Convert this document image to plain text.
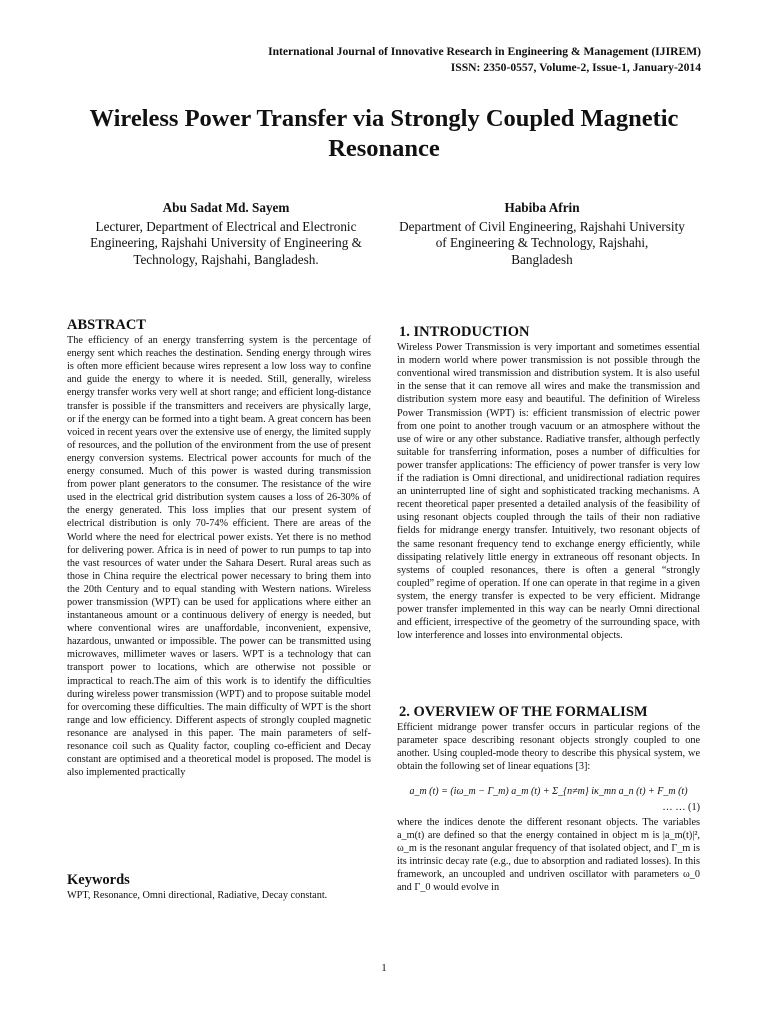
International Journal of Innovative Research in Engineering & Management (IJIREM)
ISSN: 2350-0557, Volume-2, Issue-1, January-2014
Wireless Power Transfer via Strongly Coupled Magnetic Resonance
Abu Sadat Md. Sayem
Lecturer, Department of Electrical and Electronic
Engineering, Rajshahi University of Engineering &
Technology, Rajshahi, Bangladesh.
Habiba Afrin
Department of Civil Engineering, Rajshahi University
of Engineering & Technology, Rajshahi,
Bangladesh
ABSTRACT

The efficiency of an energy transferring system is the percentage of energy sent which reaches the destination. Sending energy through wires is often more efficient because wires represent a low loss way to confine and guide the energy to where it is needed. Still, generally, wireless energy transfer works very well at short range; and efficient long-distance transfer is possible if the transmitters and receivers are physically large, or if the energy can be formed into a tight beam. A great concern has been voiced in recent years over the extensive use of energy, the limited supply of resources, and the pollution of the environment from the use of present energy conversion systems. Electrical power accounts for much of the energy consumed. Much of this power is wasted during transmission from power plant generators to the consumer. The resistance of the wire used in the electrical grid distribution system causes a loss of 26-30% of the energy generated. This loss implies that our present system of electrical distribution is only 70-74% efficient. There are areas of the World where the need for electrical power exists. Yet there is no method for delivering power. Africa is in need of power to run pumps to tap into the vast resources of water under the Sahara Desert. Rural areas such as those in China require the electrical power necessary to bring them into the 20th Century and to equal standing with Western nations. Wireless power transmission (WPT) can be used for applications where either an instantaneous amount or a continuous delivery of energy is needed, but where conventional wires are unaffordable, inconvenient, expensive, hazardous, unwanted or impossible. The power can be transmitted using microwaves, millimeter waves or lasers. WPT is a technology that can transport power to locations, which are otherwise not possible or impractical to reach.The aim of this work is to identify the difficulties during wireless power transmission (WPT) and to propose suitable model for overcoming these difficulties. The main difficulty of WPT is the short range and low efficiency. Different aspects of strongly coupled magnetic resonance are analysed in this paper. The main parameters of self-resonance coil such as Quality factor, coupling co-efficient and Decay constant are optimised and a theoretical model is proposed. The model is also implemented practically

Keywords

WPT, Resonance, Omni directional, Radiative, Decay constant.

1. INTRODUCTION

Wireless Power Transmission is very important and sometimes essential in modern world where power transmission is not possible through the conventional wired transmission and distribution system. It is also useful in the sense that it can remove all wires and make the transmission and distribution system more easy and beautiful. The definition of Wireless Power Transmission (WPT) is: efficient transmission of electric power from one point to another trough vacuum or an atmosphere without the use of wire or any other substance. Radiative transfer, although perfectly suitable for transferring information, poses a number of difficulties for power transfer applications: The efficiency of power transfer is very low if the radiation is Omni directional, and unidirectional radiation requires an uninterrupted line of sight and sophisticated tracking mechanisms. A recent theoretical paper presented a detailed analysis of the feasibility of using resonant objects coupled through the tails of their non radiative fields for midrange energy transfer. Intuitively, two resonant objects of the same resonant frequency tend to exchange energy efficiently, while dissipating relatively little energy in extraneous off resonant objects. In systems of coupled resonances, there is often a general “strongly coupled” regime of operation. If one can operate in that regime in a given system, the energy transfer is expected to be very efficient. Midrange power transfer implemented in this way can be nearly Omni directional and efficient, irrespective of the geometry of the surrounding space, with low interference and losses into environmental objects.

2. OVERVIEW OF THE FORMALISM

Efficient midrange power transfer occurs in particular regions of the parameter space describing resonant objects strongly coupled to one another. Using coupled-mode theory to describe this physical system, we obtain the following set of linear equations [3]:

a_m (t) = (iω_m − Γ_m) a_m (t) + Σ_{n≠m} iκ_mn a_n (t) + F_m (t)
… … (1)

where the indices denote the different resonant objects. The variables a_m(t) are defined so that the energy contained in object m is |a_m(t)|², ω_m is the resonant angular frequency of that isolated object, and Γ_m is its intrinsic decay rate (e.g., due to absorption and radiated losses). In this framework, an uncoupled and undriven oscillator with parameters ω_0 and Γ_0 would evolve in

1
